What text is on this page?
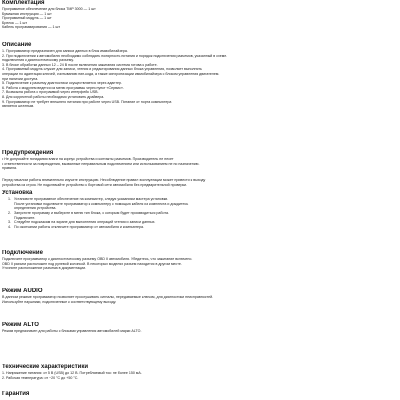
Комплектация
Программное обеспечение для блока TMP 3000 — 1 шт
Бумажная инструкция — 1 шт
Программный модуль — 1 шт
Брелок — 1 шт
Кабель программирования — 1 шт
Описание
1. Программатор предназначен для записи данных в блок иммобилайзера.
2. При подключении к автомобилю необходимо соблюдать полярность питания и порядок подключения разъемов, указанный в схеме.
подключения к диагностическому разъему.
3. В блоке обработки данных 12 – 24 В после включения зажигания система готова к работе.
4. Программный модуль служит для записи, чтения и редактирования данных блока управления, позволяет выполнять
операции по адаптации ключей, считыванию пин-кода, а также синхронизации иммобилайзера с блоком управления двигателем.
при наличии доступа.
5. Подключение к разъему диагностики осуществляется через адаптер.
6. Работа с модулем ведется из меню программы через пункт «Сервис».
7. Возможна работа с программой через интерфейс USB.
8. Для корректной работы необходимо установить драйвера.
9. Программатор не требует внешнего питания при работе через USB. Питание от порта компьютера
является штатным.
Предупреждения
• Не допускайте попадания влаги на корпус устройства и контакты разъемов. Производитель не несет
• ответственности за повреждения, вызванные неправильным подключением или использованием не по назначению.
правила.
Перед началом работы внимательно изучите инструкцию. Несоблюдение правил эксплуатации может привести к выходу
устройства из строя. Не подключайте устройство к бортовой сети автомобиля без предварительной проверки.
Установка
1. Установите программное обеспечение на компьютер, следуя указаниям мастера установки.
После установки подключите программатор к компьютеру с помощью кабеля из комплекта и дождитесь
определения устройства.
2. Запустите программу и выберите в меню тип блока, с которым будет производиться работа.
Подключите.
3. Следуйте подсказкам на экране для выполнения операций чтения и записи данных.
4. По окончании работы отключите программатор от автомобиля и компьютера.
Подключение
Подключите программатор к диагностическому разъему OBD II автомобиля. Убедитесь, что зажигание включено.
OBD II разъем расположен под рулевой колонкой. В некоторых моделях разъем находится в другом месте.
Уточните расположение разъема в документации.
Режим AUDIO
В данном режиме программатор позволяет прослушивать сигналы, передаваемые ключом, для диагностики неисправностей.
Используйте наушники, подключенные к соответствующему выходу.
Режим ALTO
Режим предназначен для работы с блоками управления автомобилей марки ALTO.
Технические характеристики
1. Напряжение питания: от 5 В (USB) до 12 В. Потребляемый ток: не более 150 мА.
2. Рабочая температура: от −20 °С до +50 °С.
Гарантия
